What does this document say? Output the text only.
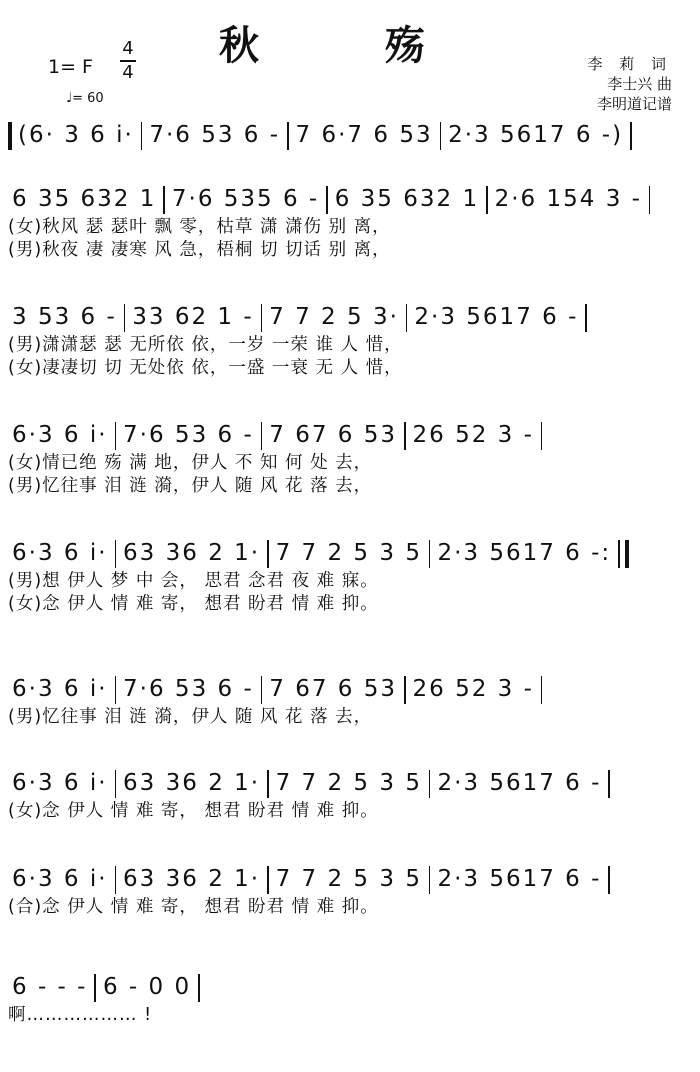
秋 殇
1= F
4
4
♩= 60
李 莉 词
李士兴 曲
李明道记谱
(6· 3 6 i· 7·6 53 6 - 7 6·7 6 53 2·3 5617 6 -)
6 35 632 1 7·6 535 6 - 6 35 632 1 2·6 154 3 -
(女)秋风 瑟 瑟叶 飘 零，枯草 潇 潇伤 别 离，
(男)秋夜 凄 凄寒 风 急，梧桐 切 切话 别 离，
3 53 6 - 33 62 1 - 7 7 2 5 3· 2·3 5617 6 -
(男)潇潇瑟 瑟 无所依 依，一岁 一荣 谁 人 惜，
(女)凄凄切 切 无处依 依，一盛 一衰 无 人 惜，
6·3 6 i· 7·6 53 6 - 7 67 6 53 26 52 3 -
(女)情已绝 殇 满 地，伊人 不 知 何 处 去，
(男)忆往事 泪 涟 漪，伊人 随 风 花 落 去，
6·3 6 i· 63 36 2 1· 7 7 2 5 3 5 2·3 5617 6 -:
(男)想 伊人 梦 中 会， 思君 念君 夜 难 寐。
(女)念 伊人 情 难 寄， 想君 盼君 情 难 抑。
6·3 6 i· 7·6 53 6 - 7 67 6 53 26 52 3 -
(男)忆往事 泪 涟 漪，伊人 随 风 花 落 去，
6·3 6 i· 63 36 2 1· 7 7 2 5 3 5 2·3 5617 6 -
(女)念 伊人 情 难 寄， 想君 盼君 情 难 抑。
6·3 6 i· 63 36 2 1· 7 7 2 5 3 5 2·3 5617 6 -
(合)念 伊人 情 难 寄， 想君 盼君 情 难 抑。
6 - - - 6 - 0 0
啊……………… !
